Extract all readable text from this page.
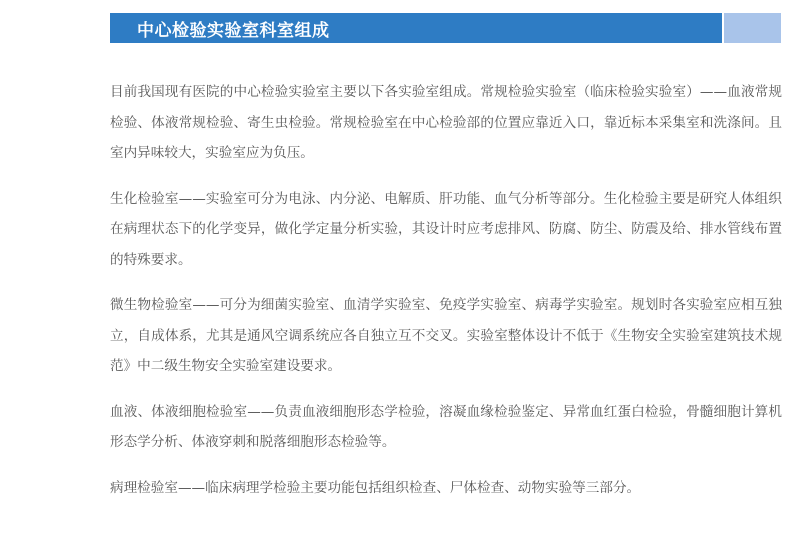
中心检验实验室科室组成

目前我国现有医院的中心检验实验室主要以下各实验室组成。常规检验实验室（临床检验实验室）——血液常规检验、体液常规检验、寄生虫检验。常规检验室在中心检验部的位置应靠近入口，靠近标本采集室和洗涤间。且室内异味较大，实验室应为负压。

生化检验室——实验室可分为电泳、内分泌、电解质、肝功能、血气分析等部分。生化检验主要是研究人体组织在病理状态下的化学变异，做化学定量分析实验，其设计时应考虑排风、防腐、防尘、防震及给、排水管线布置的特殊要求。

微生物检验室——可分为细菌实验室、血清学实验室、免疫学实验室、病毒学实验室。规划时各实验室应相互独立，自成体系，尤其是通风空调系统应各自独立互不交叉。实验室整体设计不低于《生物安全实验室建筑技术规范》中二级生物安全实验室建设要求。

血液、体液细胞检验室——负责血液细胞形态学检验，溶凝血缘检验鉴定、异常血红蛋白检验，骨髓细胞计算机形态学分析、体液穿刺和脱落细胞形态检验等。

病理检验室——临床病理学检验主要功能包括组织检查、尸体检查、动物实验等三部分。
